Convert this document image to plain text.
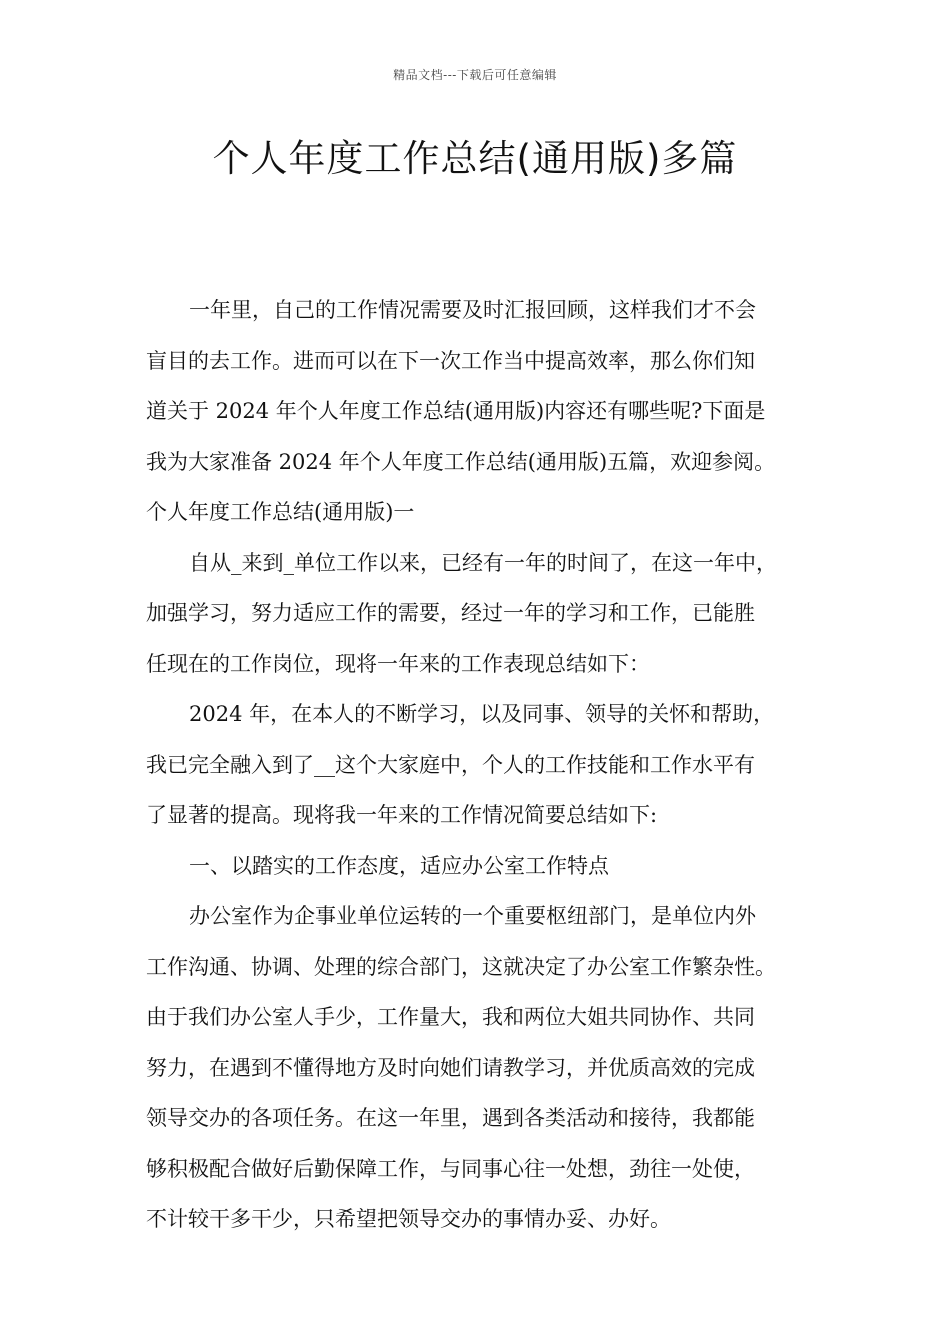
精品文档---下载后可任意编辑
个人年度工作总结(通用版)多篇
一年里，自己的工作情况需要及时汇报回顾，这样我们才不会
盲目的去工作。进而可以在下一次工作当中提高效率，那么你们知
道关于 2024 年个人年度工作总结(通用版)内容还有哪些呢?下面是
我为大家准备 2024 年个人年度工作总结(通用版)五篇，欢迎参阅。
个人年度工作总结(通用版)一
自从_来到_单位工作以来，已经有一年的时间了，在这一年中，
加强学习，努力适应工作的需要，经过一年的学习和工作，已能胜
任现在的工作岗位，现将一年来的工作表现总结如下：
2024 年，在本人的不断学习，以及同事、领导的关怀和帮助，
我已完全融入到了__这个大家庭中，个人的工作技能和工作水平有
了显著的提高。现将我一年来的工作情况简要总结如下:
一、以踏实的工作态度，适应办公室工作特点
办公室作为企事业单位运转的一个重要枢纽部门，是单位内外
工作沟通、协调、处理的综合部门，这就决定了办公室工作繁杂性。
由于我们办公室人手少，工作量大，我和两位大姐共同协作、共同
努力，在遇到不懂得地方及时向她们请教学习，并优质高效的完成
领导交办的各项任务。在这一年里，遇到各类活动和接待，我都能
够积极配合做好后勤保障工作，与同事心往一处想，劲往一处使，
不计较干多干少，只希望把领导交办的事情办妥、办好。
